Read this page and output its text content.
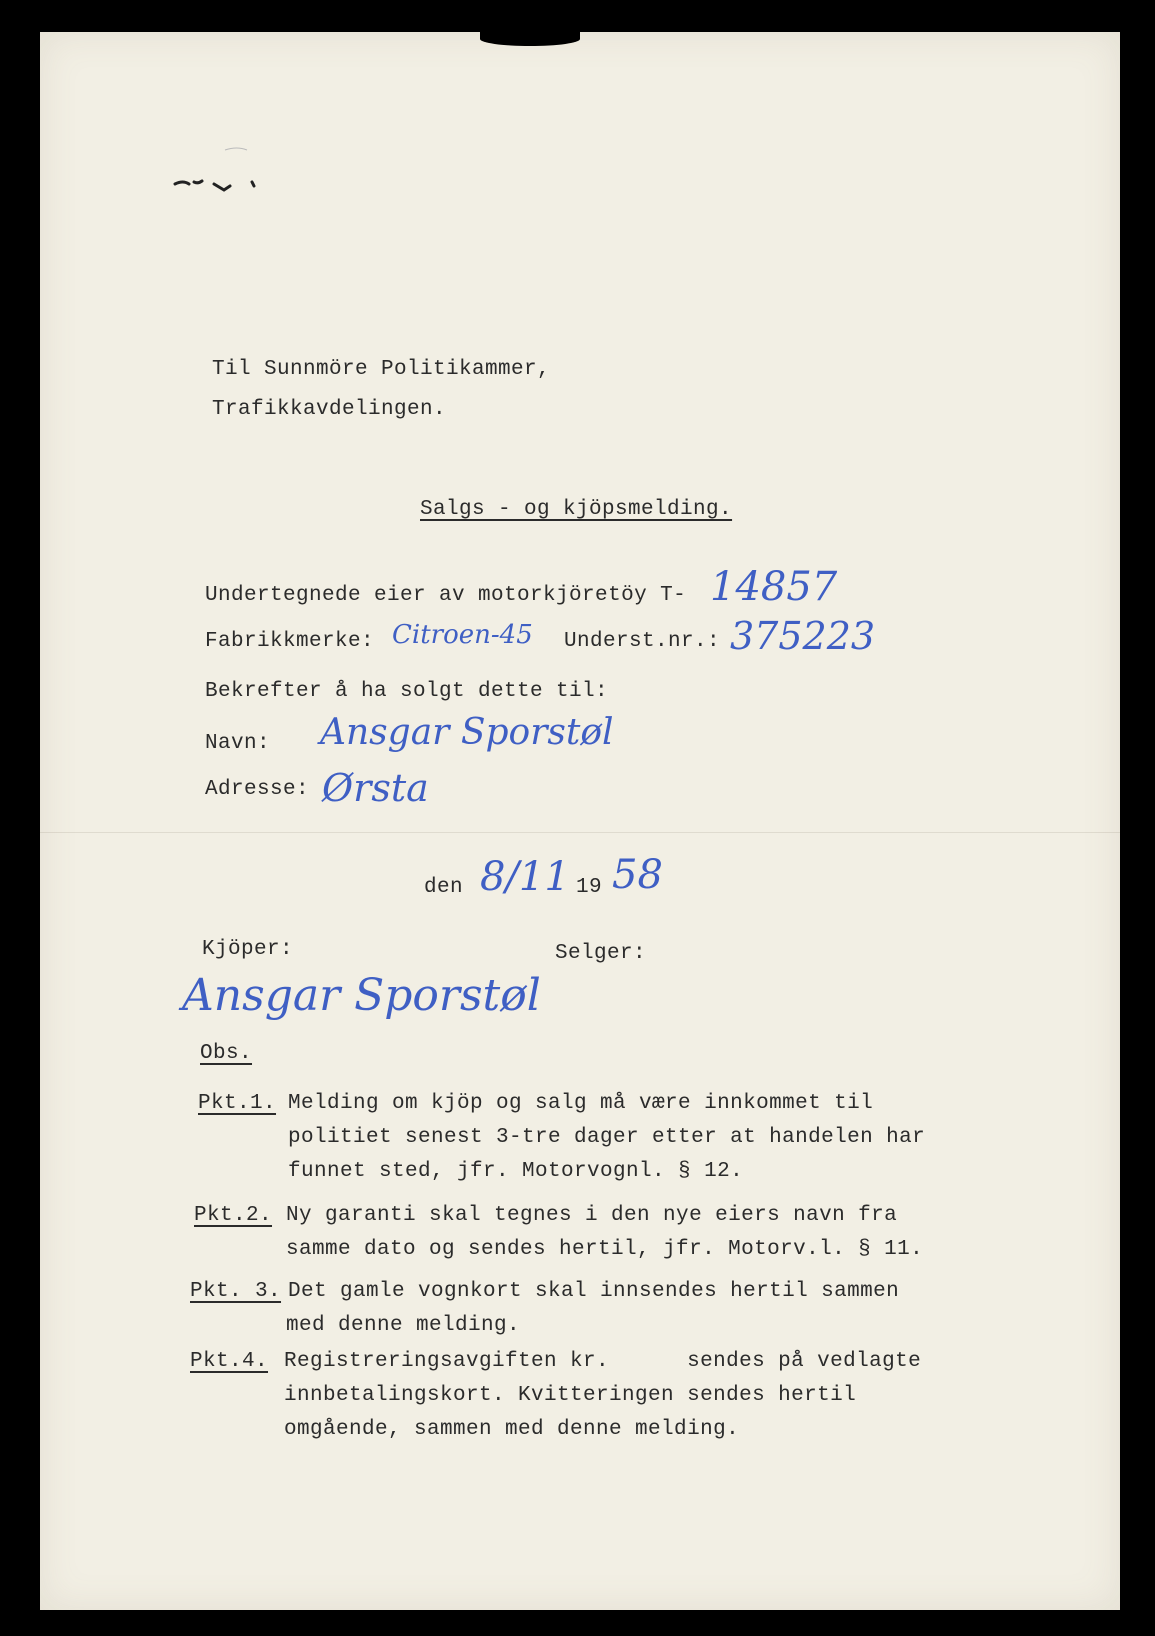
Til Sunnmöre Politikammer,
Trafikkavdelingen.
Salgs - og kjöpsmelding.
Undertegnede eier av motorkjöretöy T- 14857
Fabrikkmerke: Citroen-45 Underst.nr.: 375223
Bekrefter å ha solgt dette til:
Navn: Ansgar Sporstøl
Adresse: Ørsta
den 8/11 19 58
Kjöper:	Selger:
Ansgar Sporstøl
Obs.
Pkt.1. Melding om kjöp og salg må være innkommet til
politiet senest 3-tre dager etter at handelen har
funnet sted, jfr. Motorvognl. § 12.
Pkt.2. Ny garanti skal tegnes i den nye eiers navn fra
samme dato og sendes hertil, jfr. Motorv.l. § 11.
Pkt. 3. Det gamle vognkort skal innsendes hertil sammen
med denne melding.
Pkt.4. Registreringsavgiften kr.      sendes på vedlagte
innbetalingskort. Kvitteringen sendes hertil
omgående, sammen med denne melding.
